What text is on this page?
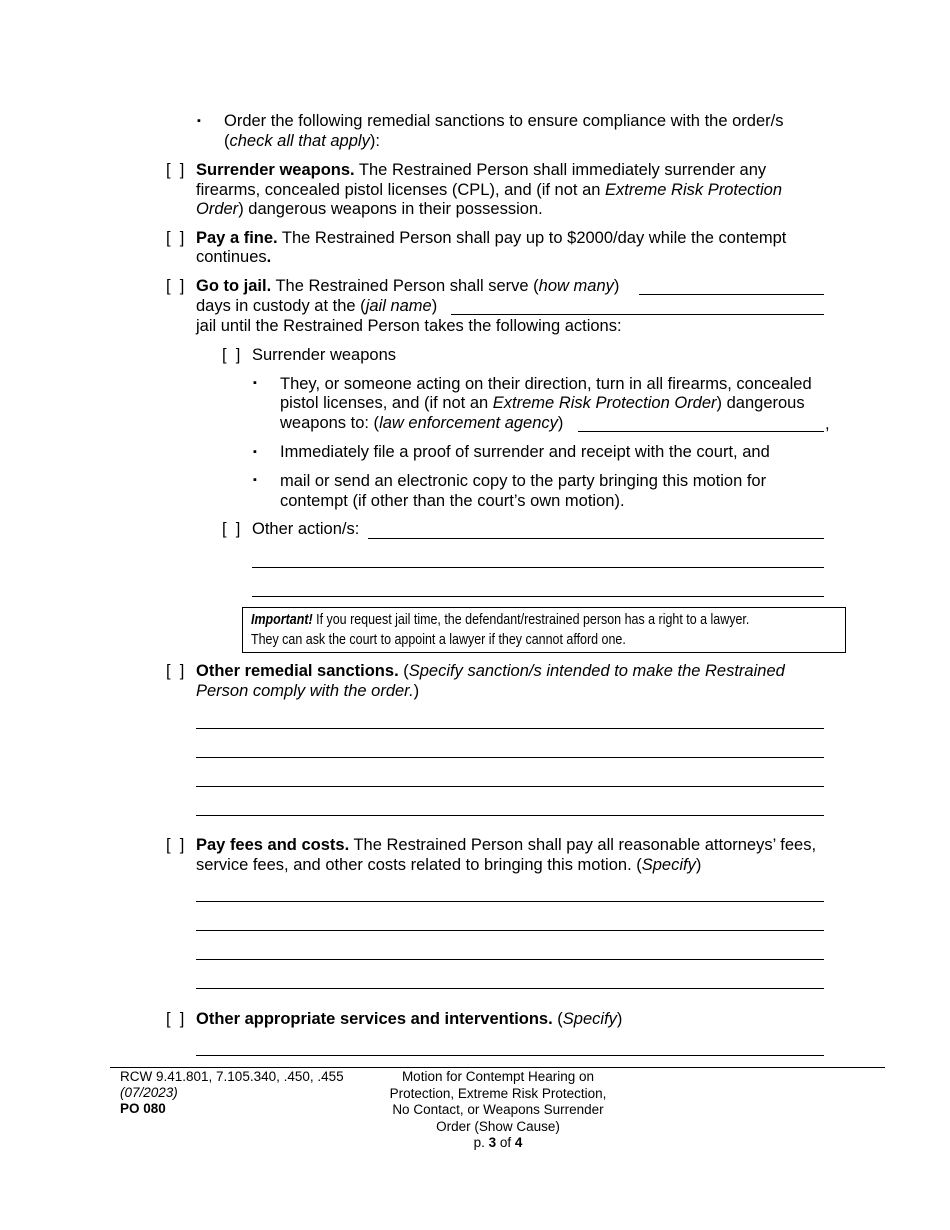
▪ Order the following remedial sanctions to ensure compliance with the order/s
(check all that apply):
[  ] Surrender weapons. The Restrained Person shall immediately surrender any
firearms, concealed pistol licenses (CPL), and (if not an Extreme Risk Protection
Order) dangerous weapons in their possession.
[  ] Pay a fine. The Restrained Person shall pay up to $2000/day while the contempt
continues.
[  ] Go to jail. The Restrained Person shall serve (how many)
days in custody at the (jail name)
jail until the Restrained Person takes the following actions:
[  ] Surrender weapons
▪ They, or someone acting on their direction, turn in all firearms, concealed
pistol licenses, and (if not an Extreme Risk Protection Order) dangerous
weapons to: (law enforcement agency)	,
▪ Immediately file a proof of surrender and receipt with the court, and
▪ mail or send an electronic copy to the party bringing this motion for
contempt (if other than the court’s own motion).
[  ] Other action/s:
Important! If you request jail time, the defendant/restrained person has a right to a lawyer.
They can ask the court to appoint a lawyer if they cannot afford one.
[  ] Other remedial sanctions. (Specify sanction/s intended to make the Restrained
Person comply with the order.)
[  ] Pay fees and costs. The Restrained Person shall pay all reasonable attorneys’ fees,
service fees, and other costs related to bringing this motion. (Specify)
[  ] Other appropriate services and interventions. (Specify)
RCW 9.41.801, 7.105.340, .450, .455
(07/2023)
PO 080
Motion for Contempt Hearing on
Protection, Extreme Risk Protection,
No Contact, or Weapons Surrender
Order (Show Cause)
p. 3 of 4
